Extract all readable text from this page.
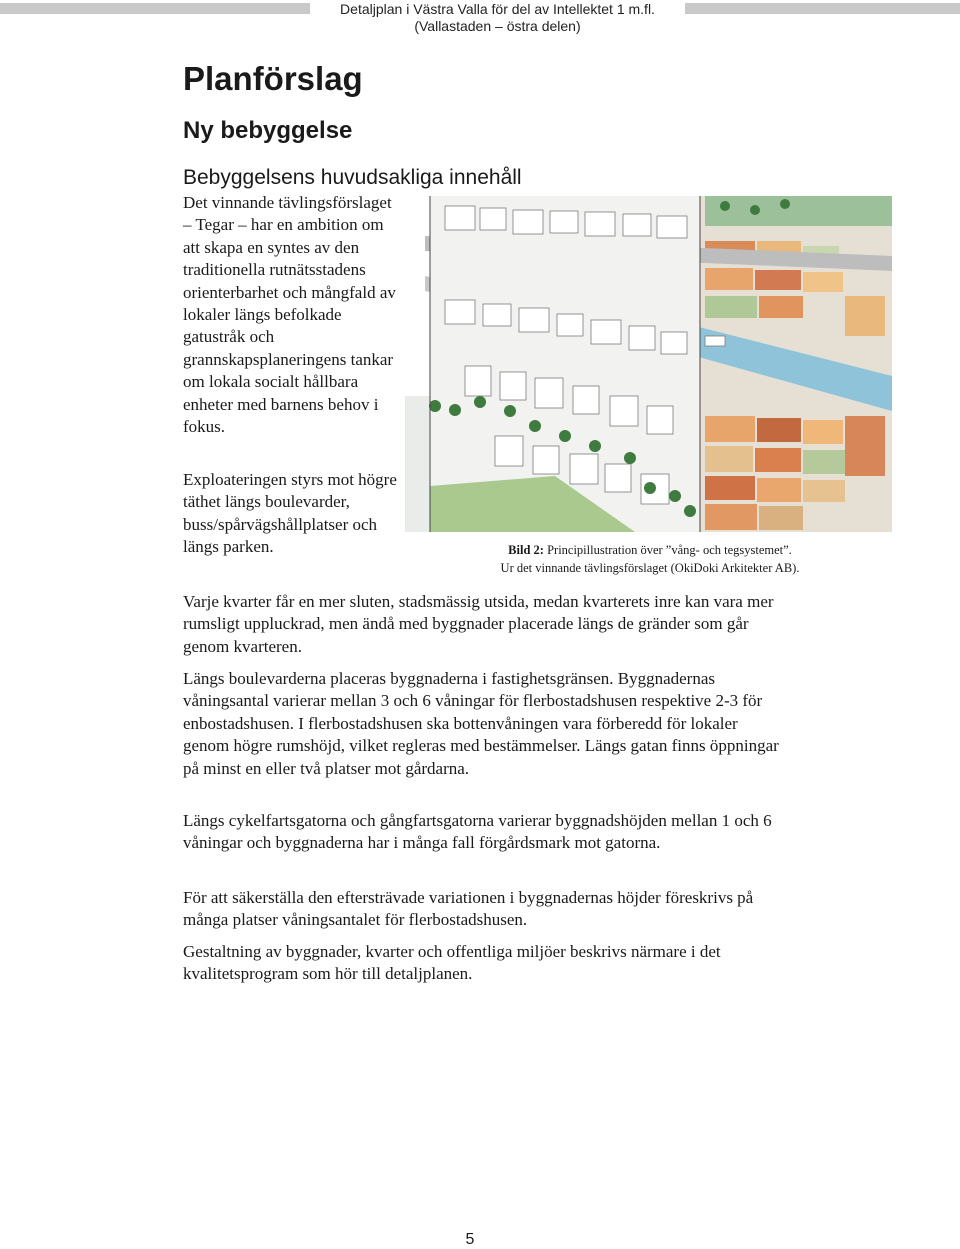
Detaljplan i Västra Valla för del av Intellektet 1 m.fl.
(Vallastaden – östra delen)
Planförslag
Ny bebyggelse
Bebyggelsens huvudsakliga innehåll

Det vinnande tävlingsförslaget – Tegar – har en ambition om att skapa en syntes av den traditionella rutnätsstadens orienterbarhet och mångfald av lokaler längs befolkade gatustråk och grannskapsplaneringens tankar om lokala socialt hållbara enheter med barnens behov i fokus.

Exploateringen styrs mot högre täthet längs boulevarder, buss/spårvägshållplatser och längs parken.	Bild 2: Principillustration över ”vång- och tegsystemet”.
Ur det vinnande tävlingsförslaget (OkiDoki Arkitekter AB).

Varje kvarter får en mer sluten, stadsmässig utsida, medan kvarterets inre kan vara mer rumsligt uppluckrad, men ändå med byggnader placerade längs de gränder som går genom kvarteren.

Längs boulevarderna placeras byggnaderna i fastighetsgränsen. Byggnadernas våningsantal varierar mellan 3 och 6 våningar för flerbostadshusen respektive 2-3 för enbostadshusen. I flerbostadshusen ska bottenvåningen vara förberedd för lokaler genom högre rumshöjd, vilket regleras med bestämmelser. Längs gatan finns öppningar på minst en eller två platser mot gårdarna.

Längs cykelfartsgatorna och gångfartsgatorna varierar byggnadshöjden mellan 1 och 6 våningar och byggnaderna har i många fall förgårdsmark mot gatorna.

För att säkerställa den eftersträvade variationen i byggnadernas höjder föreskrivs på många platser våningsantalet för flerbostadshusen.

Gestaltning av byggnader, kvarter och offentliga miljöer beskrivs närmare i det kvalitetsprogram som hör till detaljplanen.

5
